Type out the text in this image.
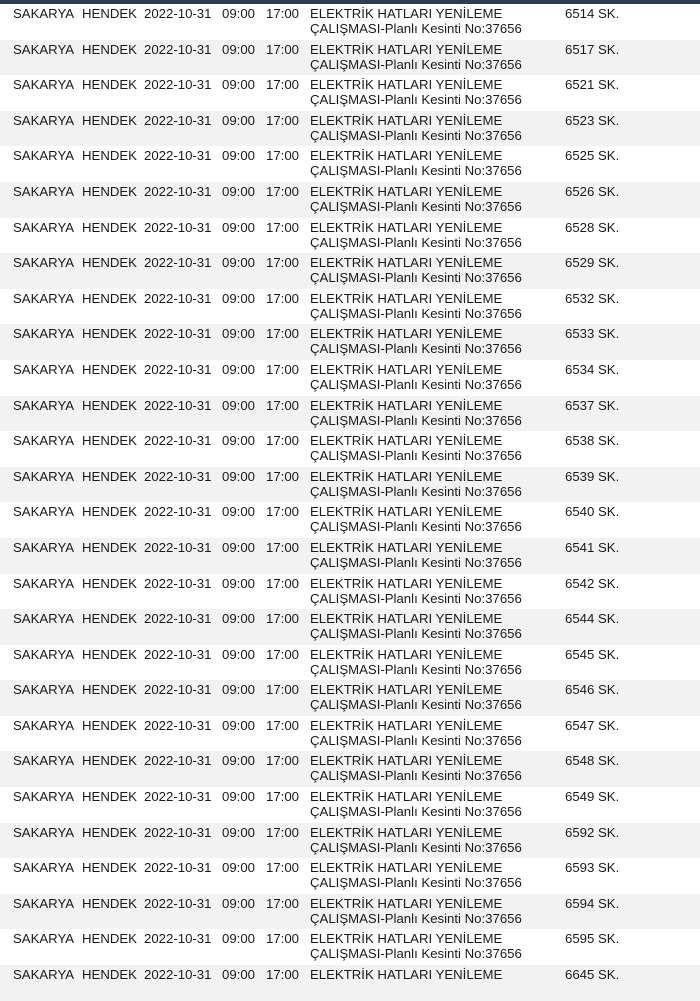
SAKARYA HENDEK 2022-10-31 09:00 17:00	6514 SK.
ELEKTRİK HATLARI YENİLEME
ÇALIŞMASI-Planlı Kesinti No:37656
SAKARYA HENDEK 2022-10-31 09:00 17:00	6517 SK.
ELEKTRİK HATLARI YENİLEME
ÇALIŞMASI-Planlı Kesinti No:37656
SAKARYA HENDEK 2022-10-31 09:00 17:00	6521 SK.
ELEKTRİK HATLARI YENİLEME
ÇALIŞMASI-Planlı Kesinti No:37656
SAKARYA HENDEK 2022-10-31 09:00 17:00	6523 SK.
ELEKTRİK HATLARI YENİLEME
ÇALIŞMASI-Planlı Kesinti No:37656
SAKARYA HENDEK 2022-10-31 09:00 17:00	6525 SK.
ELEKTRİK HATLARI YENİLEME
ÇALIŞMASI-Planlı Kesinti No:37656
SAKARYA HENDEK 2022-10-31 09:00 17:00	6526 SK.
ELEKTRİK HATLARI YENİLEME
ÇALIŞMASI-Planlı Kesinti No:37656
SAKARYA HENDEK 2022-10-31 09:00 17:00	6528 SK.
ELEKTRİK HATLARI YENİLEME
ÇALIŞMASI-Planlı Kesinti No:37656
SAKARYA HENDEK 2022-10-31 09:00 17:00	6529 SK.
ELEKTRİK HATLARI YENİLEME
ÇALIŞMASI-Planlı Kesinti No:37656
SAKARYA HENDEK 2022-10-31 09:00 17:00	6532 SK.
ELEKTRİK HATLARI YENİLEME
ÇALIŞMASI-Planlı Kesinti No:37656
SAKARYA HENDEK 2022-10-31 09:00 17:00	6533 SK.
ELEKTRİK HATLARI YENİLEME
ÇALIŞMASI-Planlı Kesinti No:37656
SAKARYA HENDEK 2022-10-31 09:00 17:00	6534 SK.
ELEKTRİK HATLARI YENİLEME
ÇALIŞMASI-Planlı Kesinti No:37656
SAKARYA HENDEK 2022-10-31 09:00 17:00	6537 SK.
ELEKTRİK HATLARI YENİLEME
ÇALIŞMASI-Planlı Kesinti No:37656
SAKARYA HENDEK 2022-10-31 09:00 17:00	6538 SK.
ELEKTRİK HATLARI YENİLEME
ÇALIŞMASI-Planlı Kesinti No:37656
SAKARYA HENDEK 2022-10-31 09:00 17:00	6539 SK.
ELEKTRİK HATLARI YENİLEME
ÇALIŞMASI-Planlı Kesinti No:37656
SAKARYA HENDEK 2022-10-31 09:00 17:00	6540 SK.
ELEKTRİK HATLARI YENİLEME
ÇALIŞMASI-Planlı Kesinti No:37656
SAKARYA HENDEK 2022-10-31 09:00 17:00	6541 SK.
ELEKTRİK HATLARI YENİLEME
ÇALIŞMASI-Planlı Kesinti No:37656
SAKARYA HENDEK 2022-10-31 09:00 17:00	6542 SK.
ELEKTRİK HATLARI YENİLEME
ÇALIŞMASI-Planlı Kesinti No:37656
SAKARYA HENDEK 2022-10-31 09:00 17:00	6544 SK.
ELEKTRİK HATLARI YENİLEME
ÇALIŞMASI-Planlı Kesinti No:37656
SAKARYA HENDEK 2022-10-31 09:00 17:00	6545 SK.
ELEKTRİK HATLARI YENİLEME
ÇALIŞMASI-Planlı Kesinti No:37656
SAKARYA HENDEK 2022-10-31 09:00 17:00	6546 SK.
ELEKTRİK HATLARI YENİLEME
ÇALIŞMASI-Planlı Kesinti No:37656
SAKARYA HENDEK 2022-10-31 09:00 17:00	6547 SK.
ELEKTRİK HATLARI YENİLEME
ÇALIŞMASI-Planlı Kesinti No:37656
SAKARYA HENDEK 2022-10-31 09:00 17:00	6548 SK.
ELEKTRİK HATLARI YENİLEME
ÇALIŞMASI-Planlı Kesinti No:37656
SAKARYA HENDEK 2022-10-31 09:00 17:00	6549 SK.
ELEKTRİK HATLARI YENİLEME
ÇALIŞMASI-Planlı Kesinti No:37656
SAKARYA HENDEK 2022-10-31 09:00 17:00	6592 SK.
ELEKTRİK HATLARI YENİLEME
ÇALIŞMASI-Planlı Kesinti No:37656
SAKARYA HENDEK 2022-10-31 09:00 17:00	6593 SK.
ELEKTRİK HATLARI YENİLEME
ÇALIŞMASI-Planlı Kesinti No:37656
SAKARYA HENDEK 2022-10-31 09:00 17:00	6594 SK.
ELEKTRİK HATLARI YENİLEME
ÇALIŞMASI-Planlı Kesinti No:37656
SAKARYA HENDEK 2022-10-31 09:00 17:00	6595 SK.
ELEKTRİK HATLARI YENİLEME
ÇALIŞMASI-Planlı Kesinti No:37656
SAKARYA HENDEK 2022-10-31 09:00 17:00	6645 SK.
ELEKTRİK HATLARI YENİLEME
